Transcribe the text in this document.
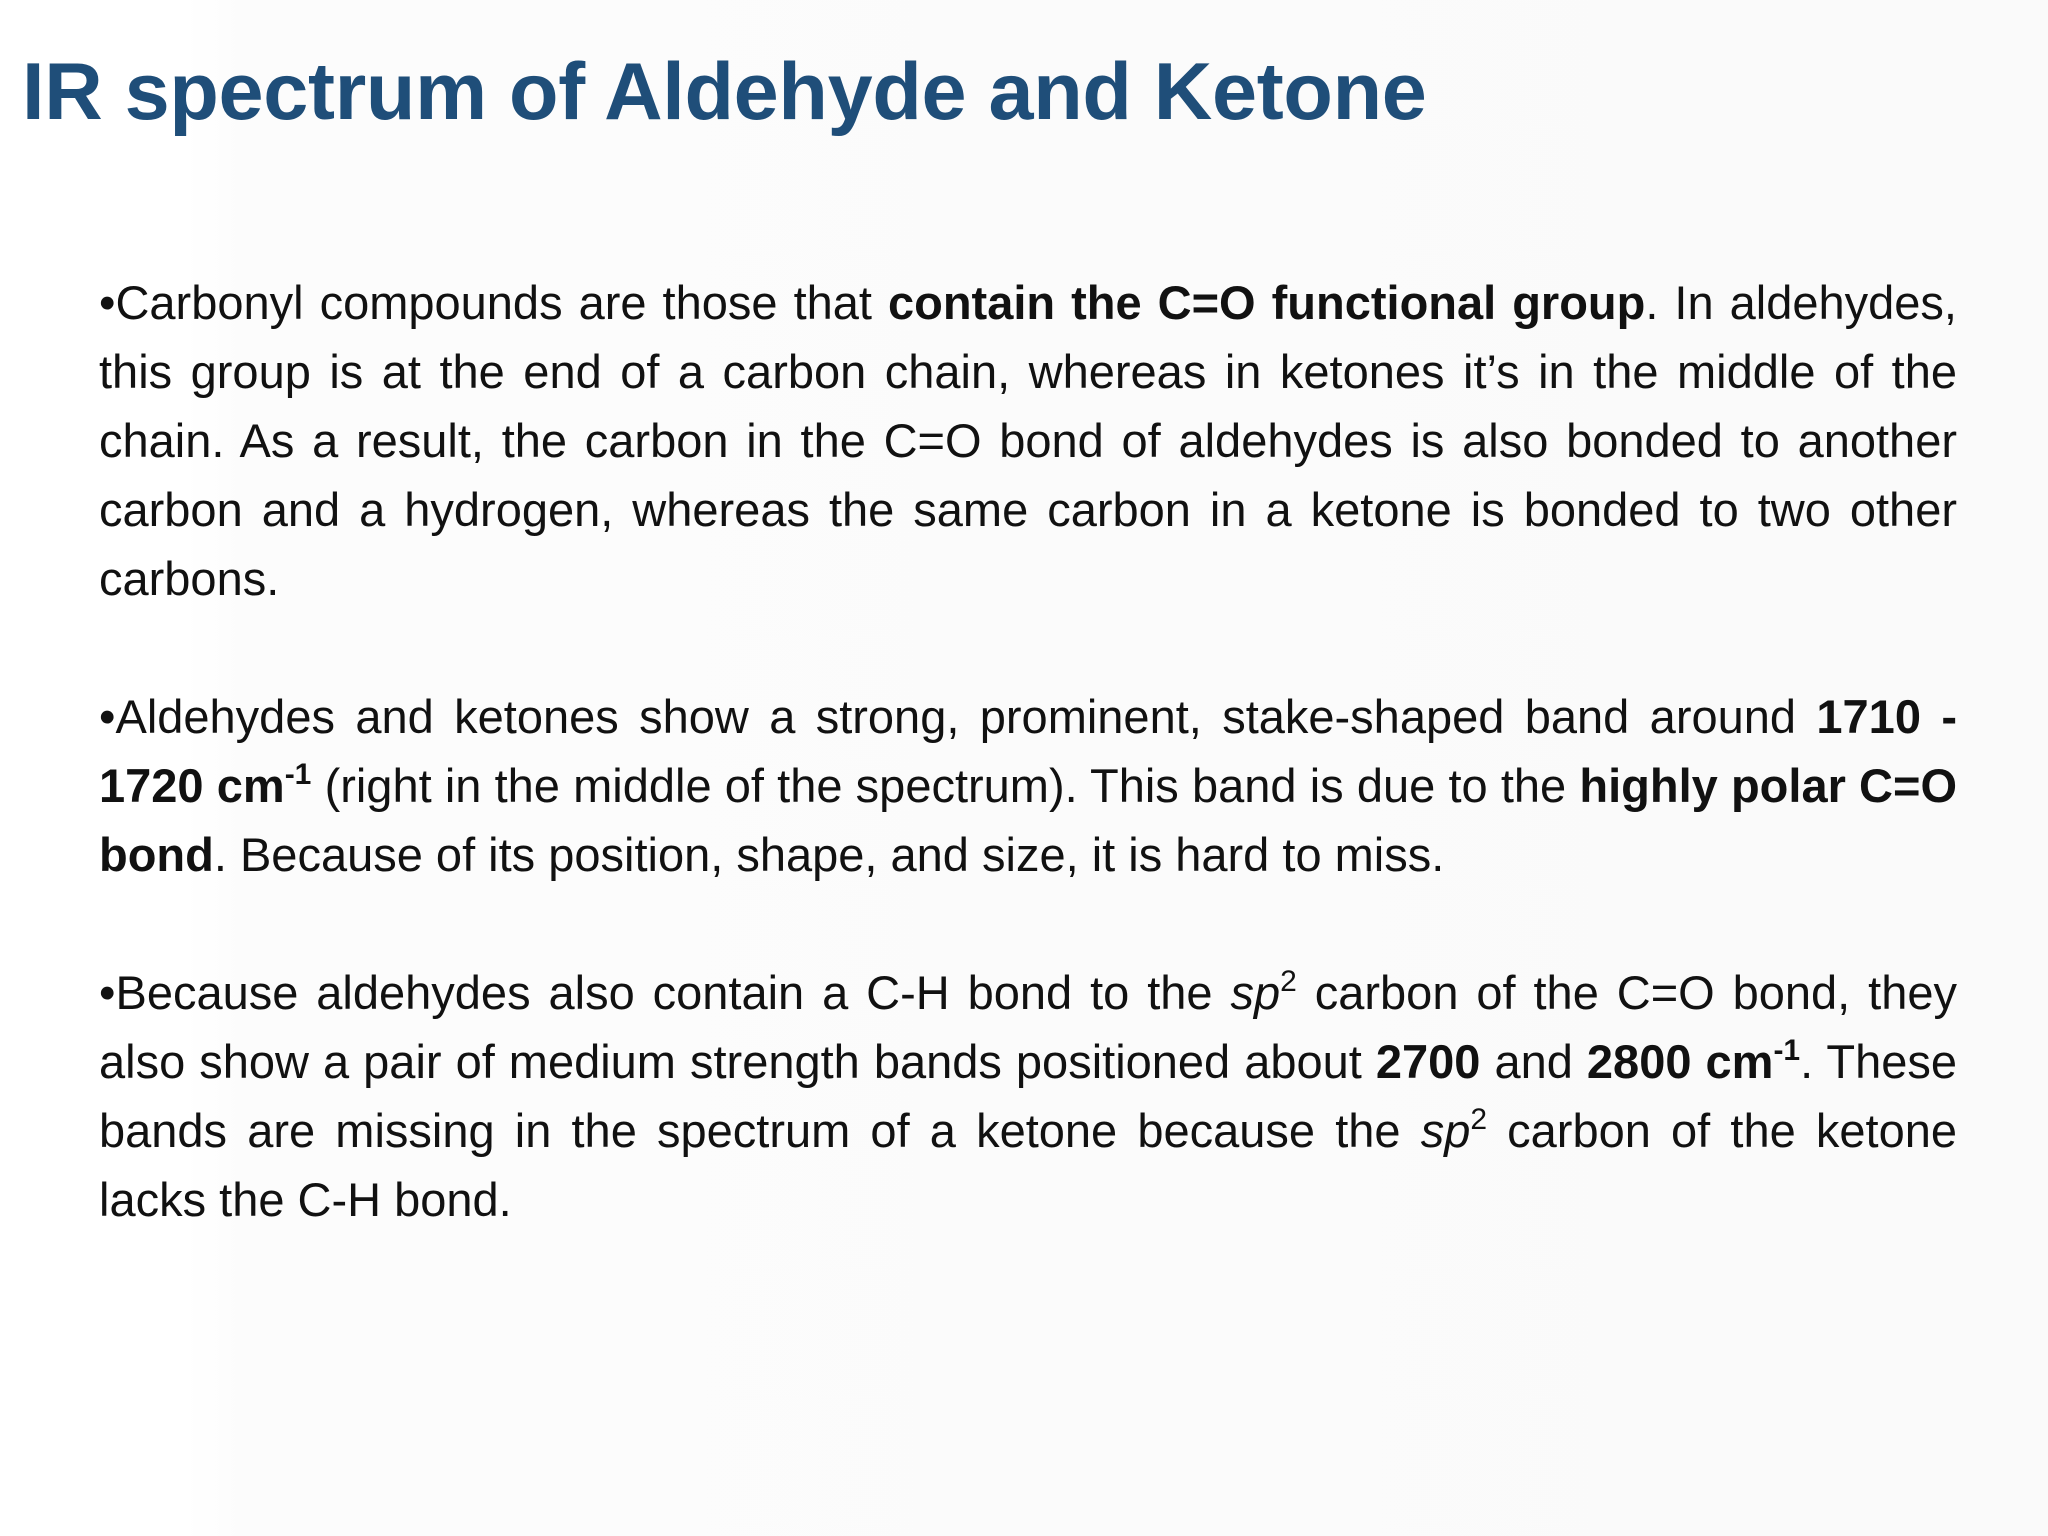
IR spectrum of Aldehyde and Ketone

•Carbonyl compounds are those that contain the C=O functional group. In aldehydes, this group is at the end of a carbon chain, whereas in ketones it’s in the middle of the chain. As a result, the carbon in the C=O bond of aldehydes is also bonded to another carbon and a hydrogen, whereas the same carbon in a ketone is bonded to two other carbons.

•Aldehydes and ketones show a strong, prominent, stake-shaped band around 1710 - 1720 $cm^{-1}$ (right in the middle of the spectrum). This band is due to the highly polar C=O bond. Because of its position, shape, and size, it is hard to miss.

•Because aldehydes also contain a C-H bond to the $sp^2$ carbon of the C=O bond, they also show a pair of medium strength bands positioned about 2700 and 2800 $cm^{-1}$. These bands are missing in the spectrum of a ketone because the $sp^2$ carbon of the ketone lacks the C-H bond.
